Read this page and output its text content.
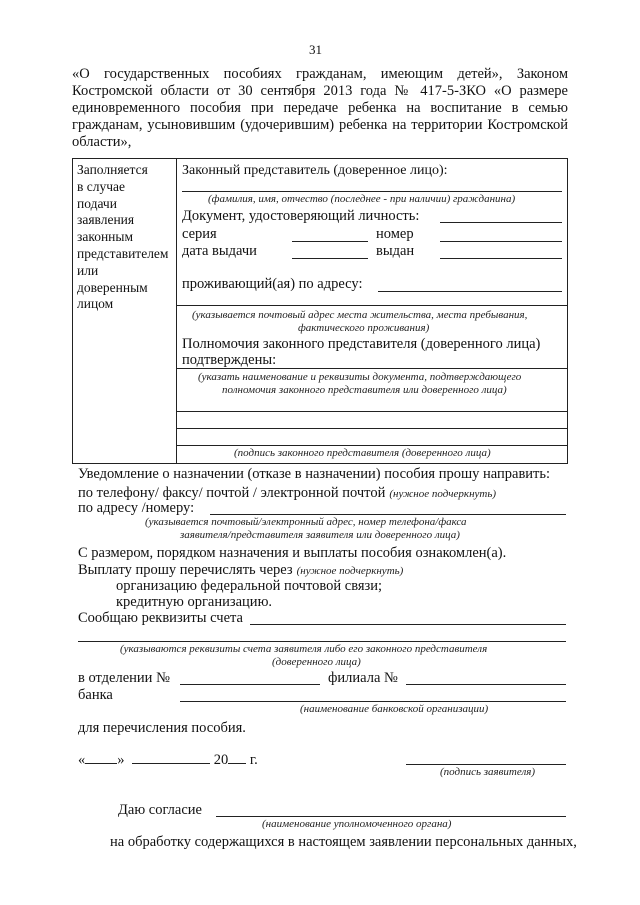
31
«О государственных пособиях гражданам, имеющим детей», Законом
Костромской области от 30 сентября 2013 года № 417-5-ЗКО «О размере
единовременного пособия при передаче ребенка на воспитание в семью
гражданам, усыновившим (удочерившим) ребенка на территории Костромской
области»,
Заполняется
в случае
подачи
заявления
законным
представителем
или
доверенным
лицом
Законный представитель (доверенное лицо):
(фамилия, имя, отчество (последнее - при наличии) гражданина)
Документ, удостоверяющий личность:
серия	номер
дата выдачи	выдан
проживающий(ая) по адресу:
(указывается почтовый адрес места жительства, места пребывания,
фактического проживания)
Полномочия законного представителя (доверенного лица)
подтверждены:
(указать наименование и реквизиты документа, подтверждающего
полномочия законного представителя или доверенного лица)
(подпись законного представителя (доверенного лица)
Уведомление о назначении (отказе в назначении) пособия прошу направить:
по телефону/ факсу/ почтой / электронной почтой (нужное подчеркнуть)
по адресу /номеру:
(указывается почтовый/электронный адрес, номер телефона/факса
заявителя/представителя заявителя или доверенного лица)
С размером, порядком назначения и выплаты пособия ознакомлен(а).
Выплату прошу перечислять через (нужное подчеркнуть)
организацию федеральной почтовой связи;
кредитную организацию.
Сообщаю реквизиты счета
(указываются реквизиты счета заявителя либо его законного представителя
(доверенного лица)
в отделении №	филиала №
банка
(наименование банковской организации)
для перечисления пособия.
« »	20 г.
(подпись заявителя)
Даю согласие
(наименование уполномоченного органа)
на обработку содержащихся в настоящем заявлении персональных данных,
